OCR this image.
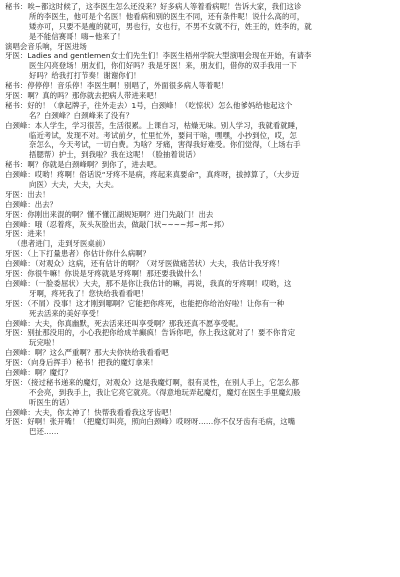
秘书：唉~都这时候了，这李医生怎么还没来？好多病人等着看病呢！告诉大家，我们这诊
所的李医生，他可是个名医！他看病和别的医生不同，还有条件呢！说什么高的可，
矮亦可，只要不是瘦的就可，男也行，女也行，不男不女就不行，姓王的，姓李的，就
是不能信赛哥！嗨~他来了！
演唱会音乐响，牙医进场
牙医：Ladies and gentlemen女士们先生们！李医生梧州学院大型演唱会现在开始，有请李
医生闪亮登场！朋友们，你们好吗？我是牙医！来，朋友们，借你的双手我用一下
好吗？给我打打节奏！谢谢你们！
秘书：停停停！音乐停！李医生啊！别唱了，外面很多病人等着呢！
牙医：啊？真的吗？那你就去把病人带进来吧！
秘书：好的！（拿起牌子，往外走去）1号，白颈峰！（吃惊状）怎么他爹妈给他起这个
名？白颈峰？白颈峰来了没有？
白颈峰：本人学生，学习很苦，生活很累。上课自习，枯燥无味。别人学习，我就看就睡，
临近考试，发现不对。考试前夕，忙里忙外，要问干啥，嘿嘿，小抄到位，哎，怎
奈怎么，今天考试，一切白费。为啥？牙痛，害得我好难受。你们觉得，（上场右手
捂腮帮）护士，到我啦？我在这呢！（脸抽着说话）
秘书：啊？你就是白颈峰啊？到你了，进去吧。
白颈峰：哎哟！疼啊！俗话说“牙疼不是病，疼起来真要命”，真疼呀，拔掉算了，（大步迈
向医）大夫，大夫，大夫。
牙医：出去！
白颈峰：出去？
牙医：你刚出来混的啊？懂不懂江湖规矩啊？进门先敲门！出去
白颈峰：哦（忍着疼，灰头灰脸出去，做敲门状~~~~邦~邦~邦）
牙医：进来！
（患者进门，走到牙医桌前）
牙医：（上下打量患者）你估计你什么病啊？
白颈峰：（对观众）这病，还有估计的啊？（对牙医做痛苦状）大夫，我估计我牙疼！
牙医：你很牛嘛！你说是牙疼就是牙疼啊！那还要我做什么！
白颈峰：（一脸委屈状）大夫，那不是你让我估计的嘛，再说，我真的牙疼啊！哎哟，这
牙啊，疼死我了！您快给我看看吧！
牙医：（不屑）没事！这才刚到哪啊？它能把你疼死，也能把你给治好啦！让你有一种
死去活来的美好享受！
白颈峰：大夫，你真幽默，死去活来还叫享受啊？那我还真不愿享受呢。
牙医：别扯那没用的，小心我把你给成羊癫疯！告诉你吧，你上我这就对了！要不你肯定
玩完啦！
白颈峰：啊？这么严重啊？那大夫你快给我看看吧
牙医：（向身后挥手）秘书！把我的魔灯拿来！
白颈峰：啊？魔灯？
牙医：（接过秘书递来的魔灯，对观众）这是我魔灯啊，很有灵性，在别人手上，它怎么都
不会亮，到我手上，我让它亮它就亮。（得意地玩弄起魔灯，魔灯在医生手里魔幻般
听医生的话）
白颈峰：大夫，你太神了！快帮我看看我这牙齿吧！
牙医：好啊！张开嘴！（把魔灯叫亮，照向白颈峰）哎呀呀……你不仅牙齿有毛病，这嘴
巴还……
